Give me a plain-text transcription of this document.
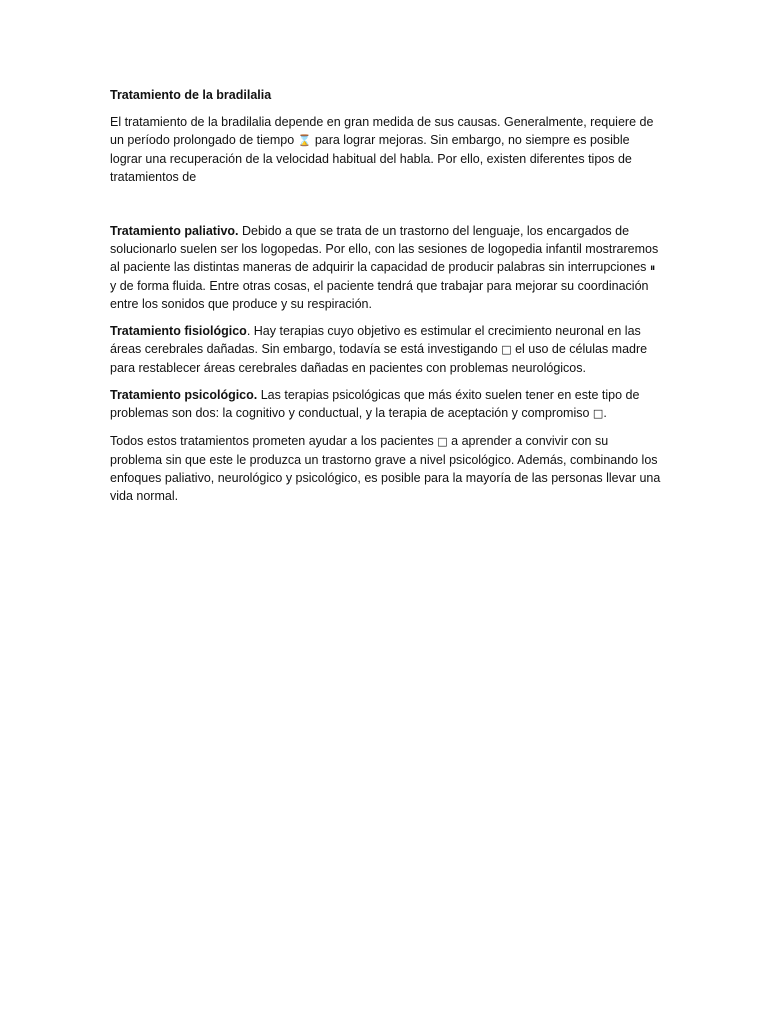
Tratamiento de la bradilalia

El tratamiento de la bradilalia depende en gran medida de sus causas. Generalmente, requiere de un período prolongado de tiempo ⌛ para lograr mejoras. Sin embargo, no siempre es posible lograr una recuperación de la velocidad habitual del habla. Por ello, existen diferentes tipos de tratamientos de

Tratamiento paliativo. Debido a que se trata de un trastorno del lenguaje, los encargados de solucionarlo suelen ser los logopedas. Por ello, con las sesiones de logopedia infantil mostraremos al paciente las distintas maneras de adquirir la capacidad de producir palabras sin interrupciones ⏸ y de forma fluida. Entre otras cosas, el paciente tendrá que trabajar para mejorar su coordinación entre los sonidos que produce y su respiración.

Tratamiento fisiológico. Hay terapias cuyo objetivo es estimular el crecimiento neuronal en las áreas cerebrales dañadas. Sin embargo, todavía se está investigando □ el uso de células madre para restablecer áreas cerebrales dañadas en pacientes con problemas neurológicos.

Tratamiento psicológico. Las terapias psicológicas que más éxito suelen tener en este tipo de problemas son dos: la cognitivo y conductual, y la terapia de aceptación y compromiso □.

Todos estos tratamientos prometen ayudar a los pacientes □ a aprender a convivir con su problema sin que este le produzca un trastorno grave a nivel psicológico. Además, combinando los enfoques paliativo, neurológico y psicológico, es posible para la mayoría de las personas llevar una vida normal.
